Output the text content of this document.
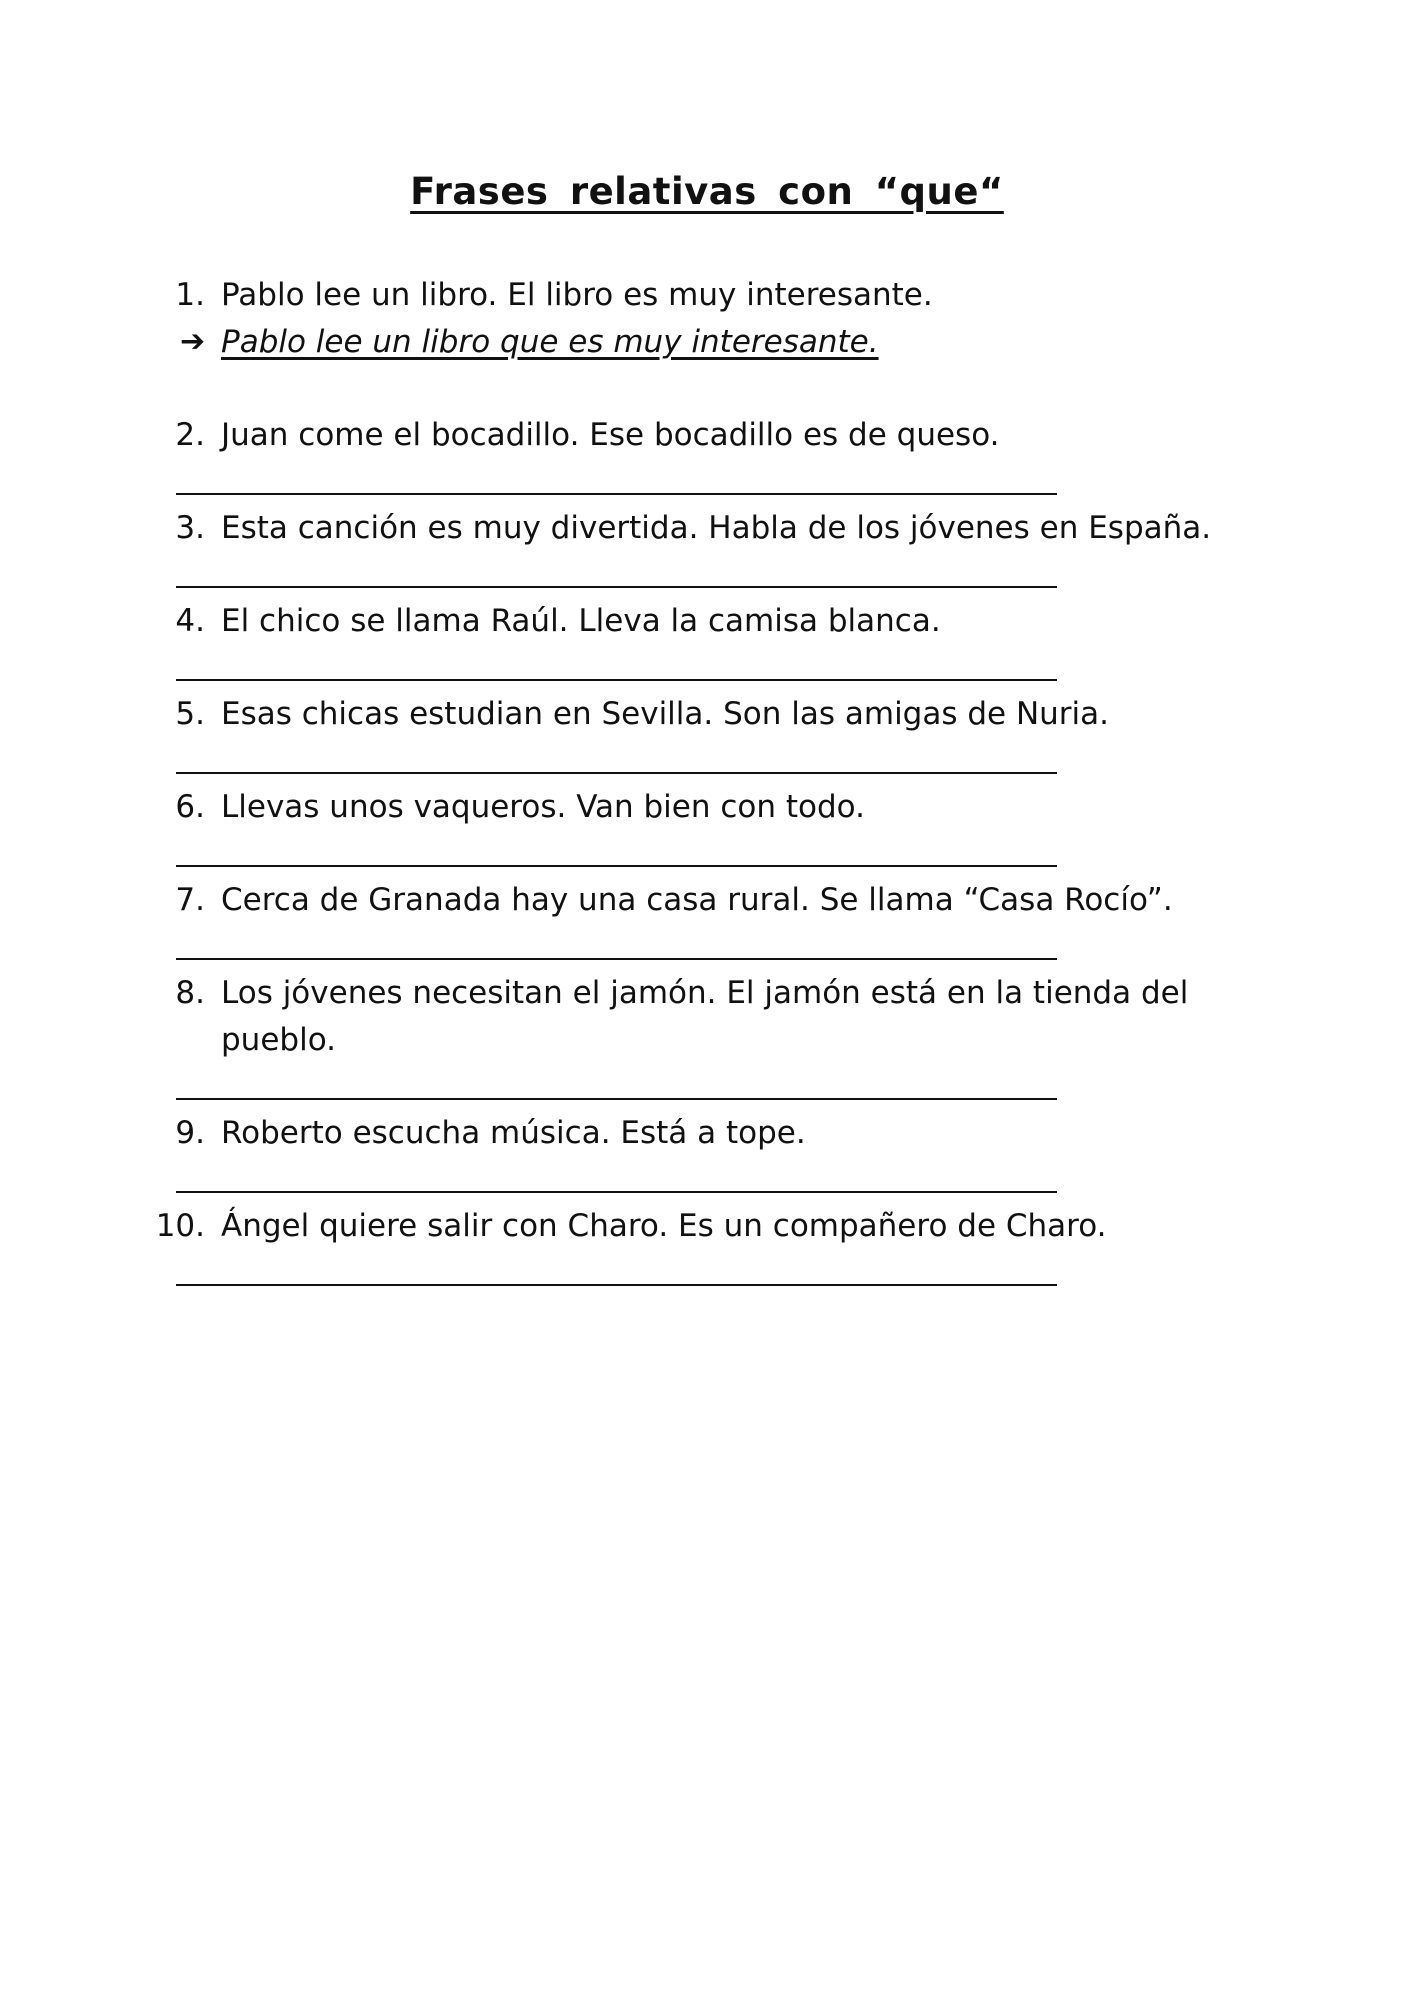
Frases relativas con “que“
1. Pablo lee un libro. El libro es muy interesante.
➔ Pablo lee un libro que es muy interesante.
2. Juan come el bocadillo. Ese bocadillo es de queso.
3. Esta canción es muy divertida. Habla de los jóvenes en España.
4. El chico se llama Raúl. Lleva la camisa blanca.
5. Esas chicas estudian en Sevilla. Son las amigas de Nuria.
6. Llevas unos vaqueros. Van bien con todo.
7. Cerca de Granada hay una casa rural. Se llama “Casa Rocío”.
8. Los jóvenes necesitan el jamón. El jamón está en la tienda del
pueblo.
9. Roberto escucha música. Está a tope.
10. Ángel quiere salir con Charo. Es un compañero de Charo.
